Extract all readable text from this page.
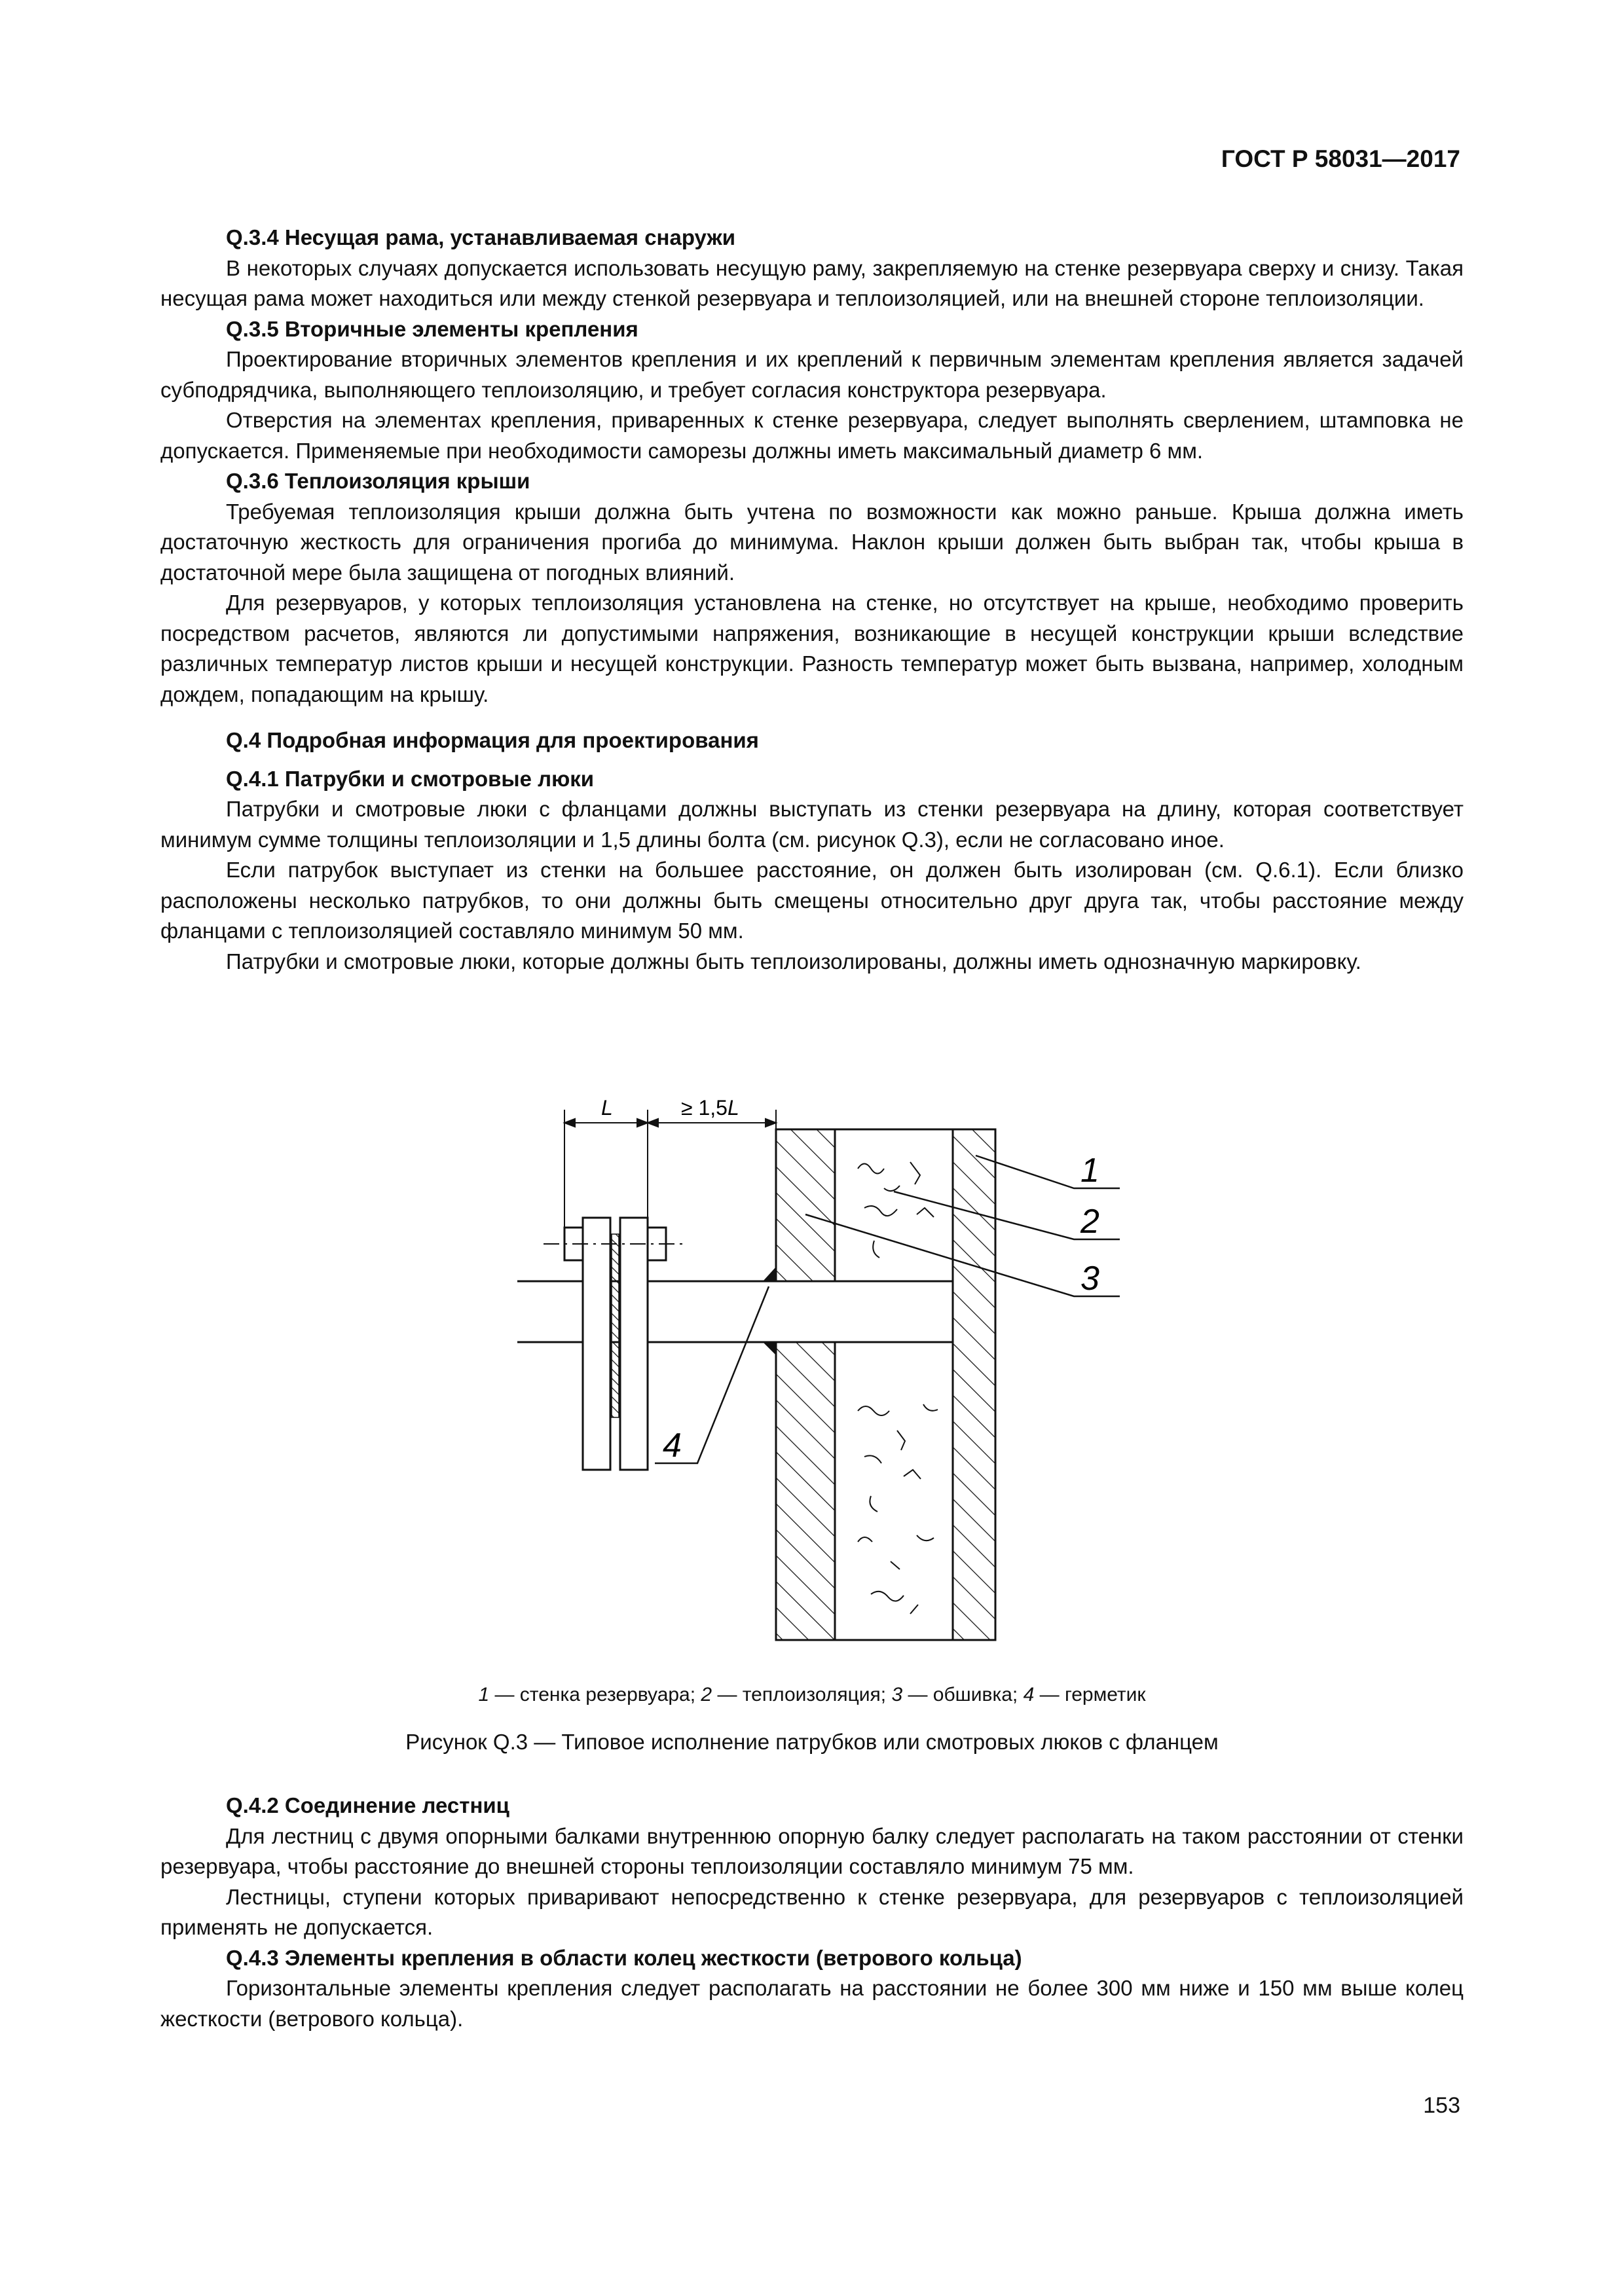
ГОСТ Р 58031—2017
Q.3.4 Несущая рама, устанавливаемая снаружи

В некоторых случаях допускается использовать несущую раму, закрепляемую на стенке резервуара сверху и снизу. Такая несущая рама может находиться или между стенкой резервуара и теплоизоляцией, или на внешней стороне теплоизоляции.

Q.3.5 Вторичные элементы крепления

Проектирование вторичных элементов крепления и их креплений к первичным элементам крепления является задачей субподрядчика, выполняющего теплоизоляцию, и требует согласия конструктора резервуара.

Отверстия на элементах крепления, приваренных к стенке резервуара, следует выполнять сверлением, штамповка не допускается. Применяемые при необходимости саморезы должны иметь максимальный диаметр 6 мм.

Q.3.6 Теплоизоляция крыши

Требуемая теплоизоляция крыши должна быть учтена по возможности как можно раньше. Крыша должна иметь достаточную жесткость для ограничения прогиба до минимума. Наклон крыши должен быть выбран так, чтобы крыша в достаточной мере была защищена от погодных влияний.

Для резервуаров, у которых теплоизоляция установлена на стенке, но отсутствует на крыше, необходимо проверить посредством расчетов, являются ли допустимыми напряжения, возникающие в несущей конструкции крыши вследствие различных температур листов крыши и несущей конструкции. Разность температур может быть вызвана, например, холодным дождем, попадающим на крышу.

Q.4 Подробная информация для проектирования
Q.4.1 Патрубки и смотровые люки

Патрубки и смотровые люки с фланцами должны выступать из стенки резервуара на длину, которая соответствует минимум сумме толщины теплоизоляции и 1,5 длины болта (см. рисунок Q.3), если не согласовано иное.

Если патрубок выступает из стенки на большее расстояние, он должен быть изолирован (см. Q.6.1). Если близко расположены несколько патрубков, то они должны быть смещены относительно друг друга так, чтобы расстояние между фланцами с теплоизоляцией составляло минимум 50 мм.

Патрубки и смотровые люки, которые должны быть теплоизолированы, должны иметь однозначную маркировку.

L	≥ 1,5L
1
2
3
4
1 — стенка резервуара; 2 — теплоизоляция; 3 — обшивка; 4 — герметик
Рисунок Q.3 — Типовое исполнение патрубков или смотровых люков с фланцем
Q.4.2 Соединение лестниц

Для лестниц с двумя опорными балками внутреннюю опорную балку следует располагать на таком расстоянии от стенки резервуара, чтобы расстояние до внешней стороны теплоизоляции составляло минимум 75 мм.

Лестницы, ступени которых приваривают непосредственно к стенке резервуара, для резервуаров с теплоизоляцией применять не допускается.

Q.4.3 Элементы крепления в области колец жесткости (ветрового кольца)

Горизонтальные элементы крепления следует располагать на расстоянии не более 300 мм ниже и 150 мм выше колец жесткости (ветрового кольца).

153
